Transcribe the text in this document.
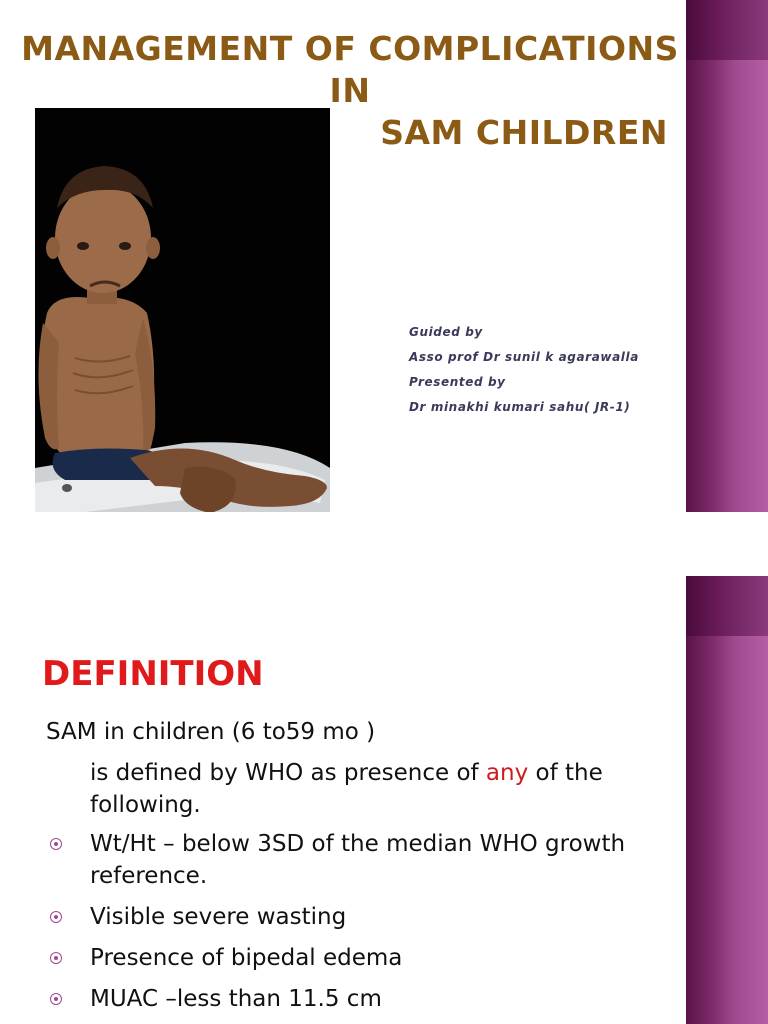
MANAGEMENT OF COMPLICATIONS IN
SAM CHILDREN
Guided by
Asso prof Dr sunil k agarawalla
Presented by
Dr minakhi kumari sahu( JR-1)
DEFINITION
SAM in children (6 to59 mo )
is defined by WHO as presence of any of the following.
Wt/Ht – below 3SD of the median WHO growth reference.
Visible severe wasting
Presence of bipedal edema
MUAC –less than 11.5 cm
